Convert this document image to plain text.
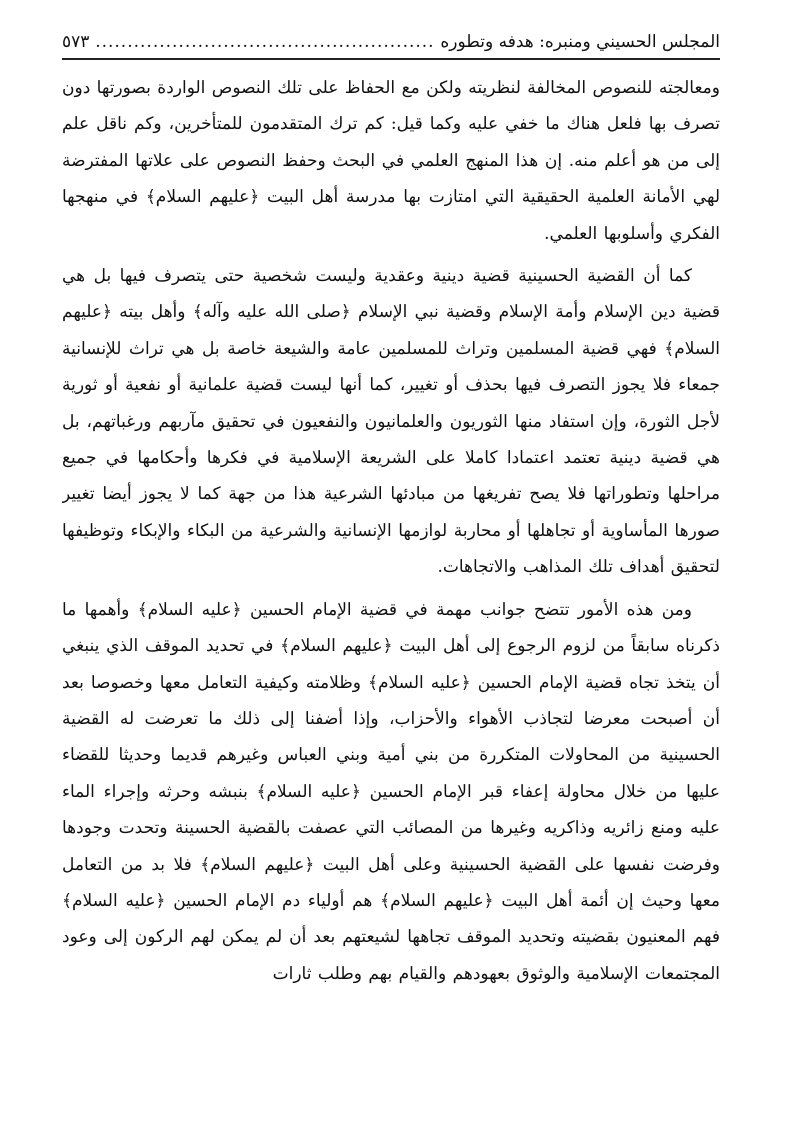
المجلس الحسيني ومنبره: هدفه وتطوره
.....................................................
٥٧٣

ومعالجته للنصوص المخالفة لنظريته ولكن مع الحفاظ على تلك النصوص الواردة بصورتها دون تصرف بها فلعل هناك ما خفي عليه وكما قيل: كم ترك المتقدمون للمتأخرين، وكم ناقل علم إلى من هو أعلم منه. إن هذا المنهج العلمي في البحث وحفظ النصوص على علاتها المفترضة لهي الأمانة العلمية الحقيقية التي امتازت بها مدرسة أهل البيت ﴿عليهم السلام﴾ في منهجها الفكري وأسلوبها العلمي.

كما أن القضية الحسينية قضية دينية وعقدية وليست شخصية حتى يتصرف فيها بل هي قضية دين الإسلام وأمة الإسلام وقضية نبي الإسلام ﴿صلى الله عليه وآله﴾ وأهل بيته ﴿عليهم السلام﴾ فهي قضية المسلمين وتراث للمسلمين عامة والشيعة خاصة بل هي تراث للإنسانية جمعاء فلا يجوز التصرف فيها بحذف أو تغيير، كما أنها ليست قضية علمانية أو نفعية أو ثورية لأجل الثورة، وإن استفاد منها الثوريون والعلمانيون والنفعيون في تحقيق مآربهم ورغباتهم، بل هي قضية دينية تعتمد اعتمادا كاملا على الشريعة الإسلامية في فكرها وأحكامها في جميع مراحلها وتطوراتها فلا يصح تفريغها من مبادئها الشرعية هذا من جهة كما لا يجوز أيضا تغيير صورها المأساوية أو تجاهلها أو محاربة لوازمها الإنسانية والشرعية من البكاء والإبكاء وتوظيفها لتحقيق أهداف تلك المذاهب والاتجاهات.

ومن هذه الأمور تتضح جوانب مهمة في قضية الإمام الحسين ﴿عليه السلام﴾ وأهمها ما ذكرناه سابقاً من لزوم الرجوع إلى أهل البيت ﴿عليهم السلام﴾ في تحديد الموقف الذي ينبغي أن يتخذ تجاه قضية الإمام الحسين ﴿عليه السلام﴾ وظلامته وكيفية التعامل معها وخصوصا بعد أن أصبحت معرضا لتجاذب الأهواء والأحزاب، وإذا أضفنا إلى ذلك ما تعرضت له القضية الحسينية من المحاولات المتكررة من بني أمية وبني العباس وغيرهم قديما وحديثا للقضاء عليها من خلال محاولة إعفاء قبر الإمام الحسين ﴿عليه السلام﴾ بنبشه وحرثه وإجراء الماء عليه ومنع زائريه وذاكريه وغيرها من المصائب التي عصفت بالقضية الحسينة وتحدت وجودها وفرضت نفسها على القضية الحسينية وعلى أهل البيت ﴿عليهم السلام﴾ فلا بد من التعامل معها وحيث إن أئمة أهل البيت ﴿عليهم السلام﴾ هم أولياء دم الإمام الحسين ﴿عليه السلام﴾ فهم المعنيون بقضيته وتحديد الموقف تجاهها لشيعتهم بعد أن لم يمكن لهم الركون إلى وعود المجتمعات الإسلامية والوثوق بعهودهم والقيام بهم وطلب ثارات
